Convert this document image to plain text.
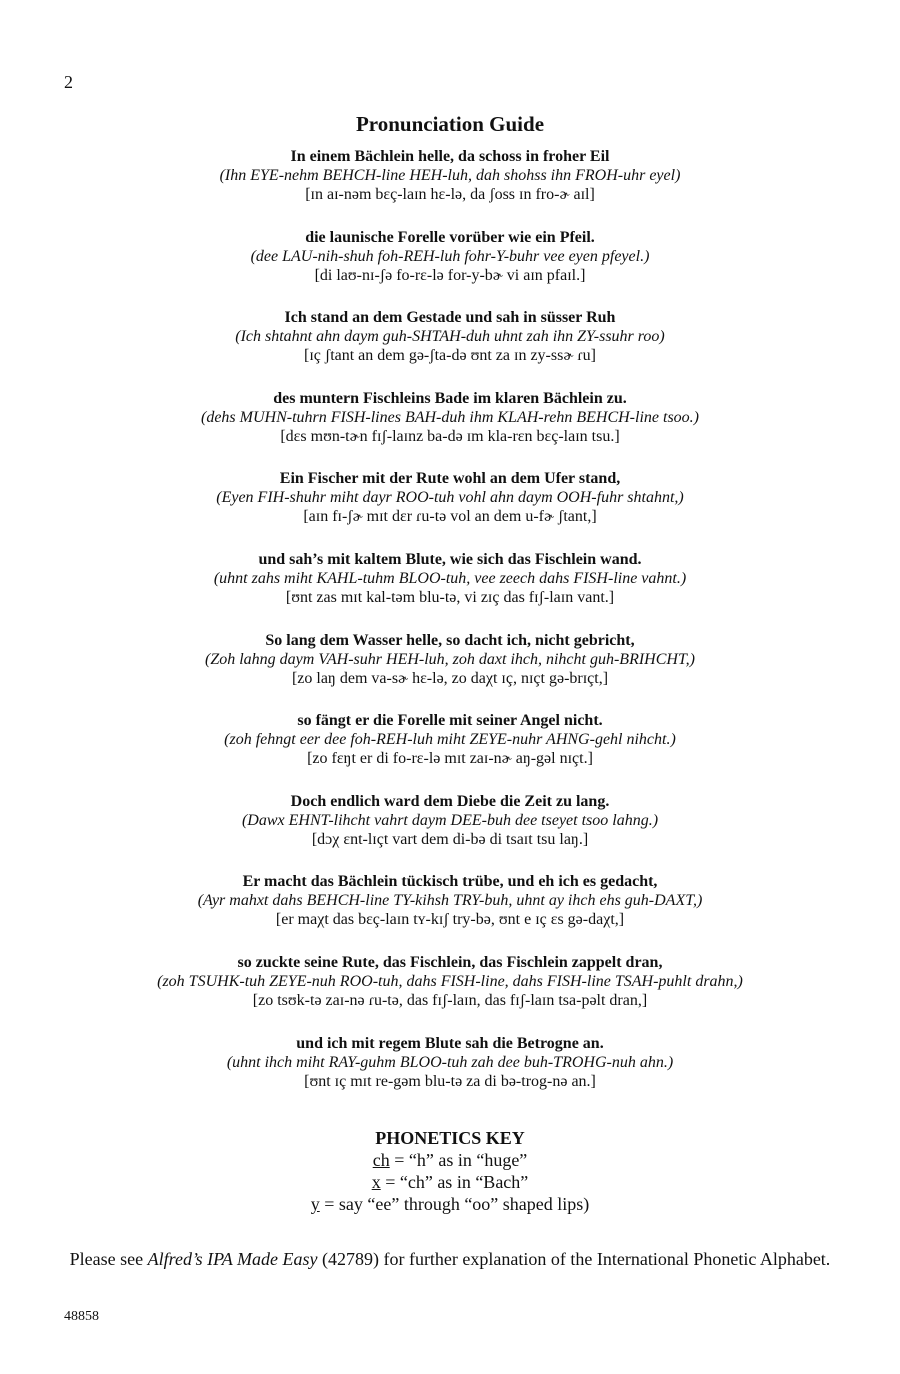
2
Pronunciation Guide
In einem Bächlein helle, da schoss in froher Eil
(Ihn EYE-nehm BEHCH-line HEH-luh, dah shohss ihn FROH-uhr eyel)
[ɪn aɪ-nəm bɛç-laɪn hɛ-lə, da ʃoss ɪn fro-ɚ aɪl]
die launische Forelle vorüber wie ein Pfeil.
(dee LAU-nih-shuh foh-REH-luh fohr-Y-buhr vee eyen pfeyel.)
[di laʊ-nɪ-ʃə fo-rɛ-lə for-y-bɚ vi aɪn pfaɪl.]
Ich stand an dem Gestade und sah in süsser Ruh
(Ich shtahnt ahn daym guh-SHTAH-duh uhnt zah ihn ZY-ssuhr roo)
[ɪç ʃtant an dem gə-ʃta-də ʊnt za ɪn zy-ssɚ ɾu]
des muntern Fischleins Bade im klaren Bächlein zu.
(dehs MUHN-tuhrn FISH-lines BAH-duh ihm KLAH-rehn BEHCH-line tsoo.)
[dɛs mʊn-tɚn fɪʃ-laɪnz ba-də ɪm kla-rɛn bɛç-laɪn tsu.]
Ein Fischer mit der Rute wohl an dem Ufer stand,
(Eyen FIH-shuhr miht dayr ROO-tuh vohl ahn daym OOH-fuhr shtahnt,)
[aɪn fɪ-ʃɚ mɪt dɛr ɾu-tə vol an dem u-fɚ ʃtant,]
und sah’s mit kaltem Blute, wie sich das Fischlein wand.
(uhnt zahs miht KAHL-tuhm BLOO-tuh, vee zeech dahs FISH-line vahnt.)
[ʊnt zas mɪt kal-təm blu-tə, vi zɪç das fɪʃ-laɪn vant.]
So lang dem Wasser helle, so dacht ich, nicht gebricht,
(Zoh lahng daym VAH-suhr HEH-luh, zoh daxt ihch, nihcht guh-BRIHCHT,)
[zo laŋ dem va-sɚ hɛ-lə, zo daχt ɪç, nɪçt gə-brɪçt,]
so fängt er die Forelle mit seiner Angel nicht.
(zoh fehngt eer dee foh-REH-luh miht ZEYE-nuhr AHNG-gehl nihcht.)
[zo fɛŋt er di fo-rɛ-lə mɪt zaɪ-nɚ aŋ-gəl nɪçt.]
Doch endlich ward dem Diebe die Zeit zu lang.
(Dawx EHNT-lihcht vahrt daym DEE-buh dee tseyet tsoo lahng.)
[dɔχ ɛnt-lɪçt vart dem di-bə di tsaɪt tsu laŋ.]
Er macht das Bächlein tückisch trübe, und eh ich es gedacht,
(Ayr mahxt dahs BEHCH-line TY-kihsh TRY-buh, uhnt ay ihch ehs guh-DAXT,)
[er maχt das bɛç-laɪn tʏ-kɪʃ try-bə, ʊnt e ɪç ɛs gə-daχt,]
so zuckte seine Rute, das Fischlein, das Fischlein zappelt dran,
(zoh TSUHK-tuh ZEYE-nuh ROO-tuh, dahs FISH-line, dahs FISH-line TSAH-puhlt drahn,)
[zo tsʊk-tə zaɪ-nə ɾu-tə, das fɪʃ-laɪn, das fɪʃ-laɪn tsa-pəlt dran,]
und ich mit regem Blute sah die Betrogne an.
(uhnt ihch miht RAY-guhm BLOO-tuh zah dee buh-TROHG-nuh ahn.)
[ʊnt ɪç mɪt re-gəm blu-tə za di bə-trog-nə an.]
PHONETICS KEY
ch = “h” as in “huge”
x = “ch” as in “Bach”
y = say “ee” through “oo” shaped lips)
Please see Alfred’s IPA Made Easy (42789) for further explanation of the International Phonetic Alphabet.
48858
